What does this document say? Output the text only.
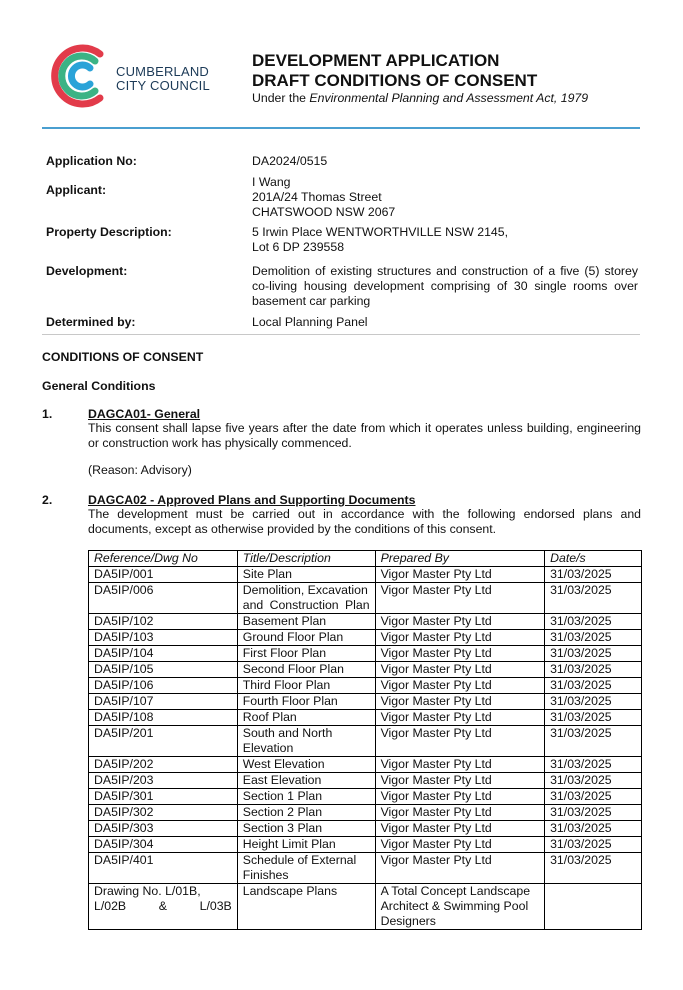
CUMBERLAND
CITY COUNCIL
DEVELOPMENT APPLICATION
DRAFT CONDITIONS OF CONSENT
Under the Environmental Planning and Assessment Act, 1979
Application No:	DA2024/0515
Applicant:
I Wang
201A/24 Thomas Street
CHATSWOOD NSW 2067
Property Description:	5 Irwin Place WENTWORTHVILLE NSW 2145,
Lot 6 DP 239558
Development:	Demolition of existing structures and construction of a five (5) storey co-living housing development comprising of 30 single rooms over basement car parking
Determined by:	Local Planning Panel
CONDITIONS OF CONSENT
General Conditions
1.	DAGCA01- General
This consent shall lapse five years after the date from which it operates unless building, engineering or construction work has physically commenced.
(Reason: Advisory)
2.	DAGCA02 - Approved Plans and Supporting Documents
The development must be carried out in accordance with the following endorsed plans and documents, except as otherwise provided by the conditions of this consent.
Reference/Dwg No	Title/Description	Prepared By	Date/s
DA5IP/001	Site Plan	Vigor Master Pty Ltd	31/03/2025
DA5IP/006	Demolition, Excavation and Construction Plan	Vigor Master Pty Ltd	31/03/2025
DA5IP/102	Basement Plan	Vigor Master Pty Ltd	31/03/2025
DA5IP/103	Ground Floor Plan	Vigor Master Pty Ltd	31/03/2025
DA5IP/104	First Floor Plan	Vigor Master Pty Ltd	31/03/2025
DA5IP/105	Second Floor Plan	Vigor Master Pty Ltd	31/03/2025
DA5IP/106	Third Floor Plan	Vigor Master Pty Ltd	31/03/2025
DA5IP/107	Fourth Floor Plan	Vigor Master Pty Ltd	31/03/2025
DA5IP/108	Roof Plan	Vigor Master Pty Ltd	31/03/2025
DA5IP/201	South and North Elevation	Vigor Master Pty Ltd	31/03/2025
DA5IP/202	West Elevation	Vigor Master Pty Ltd	31/03/2025
DA5IP/203	East Elevation	Vigor Master Pty Ltd	31/03/2025
DA5IP/301	Section 1 Plan	Vigor Master Pty Ltd	31/03/2025
DA5IP/302	Section 2 Plan	Vigor Master Pty Ltd	31/03/2025
DA5IP/303	Section 3 Plan	Vigor Master Pty Ltd	31/03/2025
DA5IP/304	Height Limit Plan	Vigor Master Pty Ltd	31/03/2025
DA5IP/401	Schedule of External Finishes	Vigor Master Pty Ltd	31/03/2025
Drawing No. L/01B, L/02B & L/03B	Landscape Plans	A Total Concept Landscape Architect & Swimming Pool Designers	
